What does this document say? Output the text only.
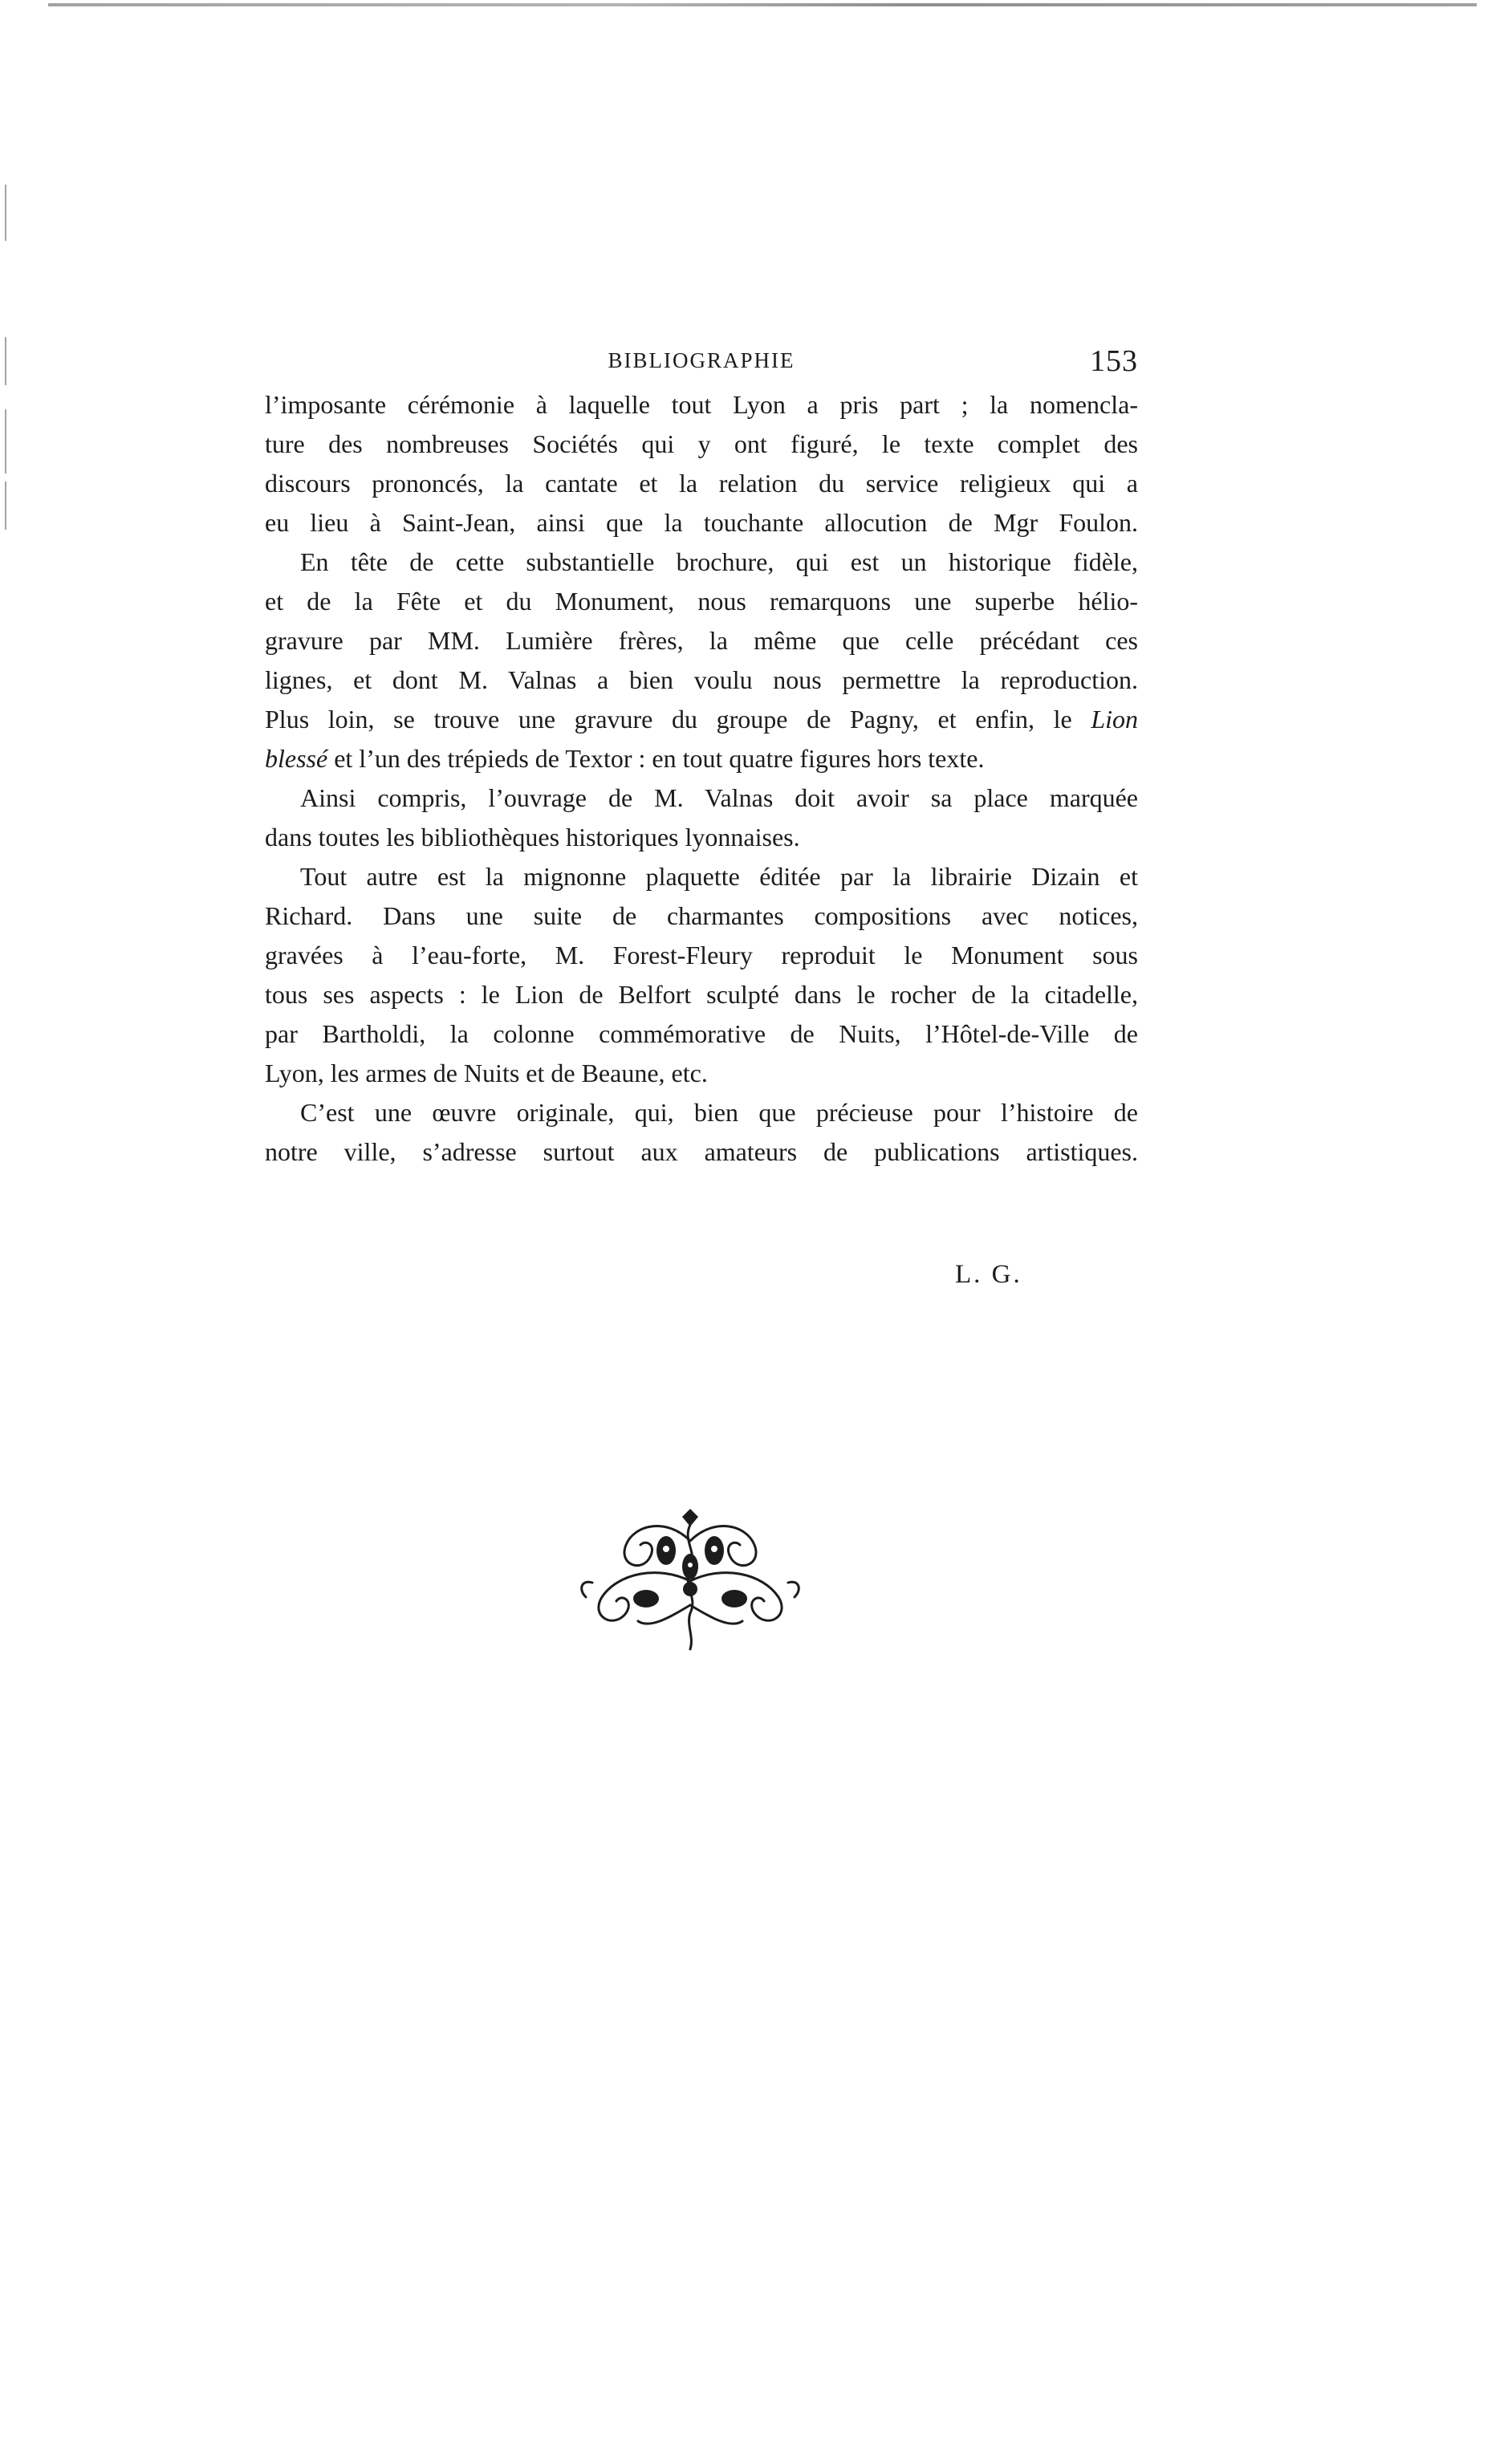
BIBLIOGRAPHIE	153
l’imposante cérémonie à laquelle tout Lyon a pris part ; la nomencla-
ture des nombreuses Sociétés qui y ont figuré, le texte complet des
discours prononcés, la cantate et la relation du service religieux qui a
eu lieu à Saint-Jean, ainsi que la touchante allocution de Mgr Foulon.
En tête de cette substantielle brochure, qui est un historique fidèle,
et de la Fête et du Monument, nous remarquons une superbe hélio-
gravure par MM. Lumière frères, la même que celle précédant ces
lignes, et dont M. Valnas a bien voulu nous permettre la reproduction.
Plus loin, se trouve une gravure du groupe de Pagny, et enfin, le Lion
blessé et l’un des trépieds de Textor : en tout quatre figures hors texte.
Ainsi compris, l’ouvrage de M. Valnas doit avoir sa place marquée
dans toutes les bibliothèques historiques lyonnaises.
Tout autre est la mignonne plaquette éditée par la librairie Dizain et
Richard. Dans une suite de charmantes compositions avec notices,
gravées à l’eau-forte, M. Forest-Fleury reproduit le Monument sous
tous ses aspects : le Lion de Belfort sculpté dans le rocher de la citadelle,
par Bartholdi, la colonne commémorative de Nuits, l’Hôtel-de-Ville de
Lyon, les armes de Nuits et de Beaune, etc.
C’est une œuvre originale, qui, bien que précieuse pour l’histoire de
notre ville, s’adresse surtout aux amateurs de publications artistiques.
L. G.
